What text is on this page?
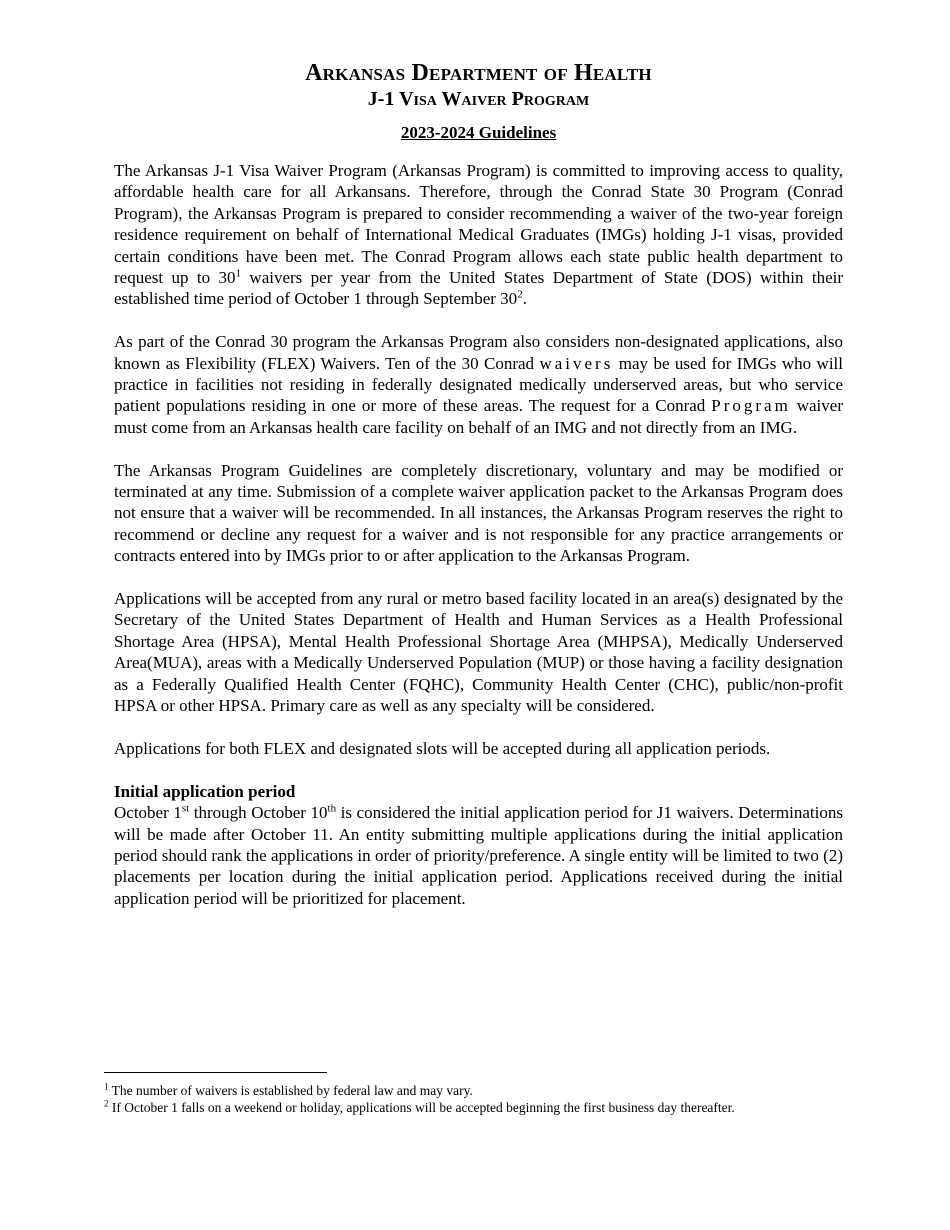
Arkansas Department of Health
J-1 Visa Waiver Program
2023-2024 Guidelines

The Arkansas J-1 Visa Waiver Program (Arkansas Program) is committed to improving access to quality, affordable health care for all Arkansans. Therefore, through the Conrad State 30 Program (Conrad Program), the Arkansas Program is prepared to consider recommending a waiver of the two-year foreign residence requirement on behalf of International Medical Graduates (IMGs) holding J-1 visas, provided certain conditions have been met. The Conrad Program allows each state public health department to request up to $30^1$ waivers per year from the United States Department of State (DOS) within their established time period of October 1 through September $30^2$.

As part of the Conrad 30 program the Arkansas Program also considers non-designated applications, also known as Flexibility (FLEX) Waivers. Ten of the 30 Conrad waivers may be used for IMGs who will practice in facilities not residing in federally designated medically underserved areas, but who service patient populations residing in one or more of these areas. The request for a Conrad Program waiver must come from an Arkansas health care facility on behalf of an IMG and not directly from an IMG.

The Arkansas Program Guidelines are completely discretionary, voluntary and may be modified or terminated at any time. Submission of a complete waiver application packet to the Arkansas Program does not ensure that a waiver will be recommended. In all instances, the Arkansas Program reserves the right to recommend or decline any request for a waiver and is not responsible for any practice arrangements or contracts entered into by IMGs prior to or after application to the Arkansas Program.

Applications will be accepted from any rural or metro based facility located in an area(s) designated by the Secretary of the United States Department of Health and Human Services as a Health Professional Shortage Area (HPSA), Mental Health Professional Shortage Area (MHPSA), Medically Underserved Area(MUA), areas with a Medically Underserved Population (MUP) or those having a facility designation as a Federally Qualified Health Center (FQHC), Community Health Center (CHC), public/non-profit HPSA or other HPSA. Primary care as well as any specialty will be considered.

Applications for both FLEX and designated slots will be accepted during all application periods.

Initial application period

October 1st through October 10th is considered the initial application period for J1 waivers. Determinations will be made after October 11. An entity submitting multiple applications during the initial application period should rank the applications in order of priority/preference. A single entity will be limited to two (2) placements per location during the initial application period. Applications received during the initial application period will be prioritized for placement.

$^1$ The number of waivers is established by federal law and may vary.

$^2$ If October 1 falls on a weekend or holiday, applications will be accepted beginning the first business day thereafter.
